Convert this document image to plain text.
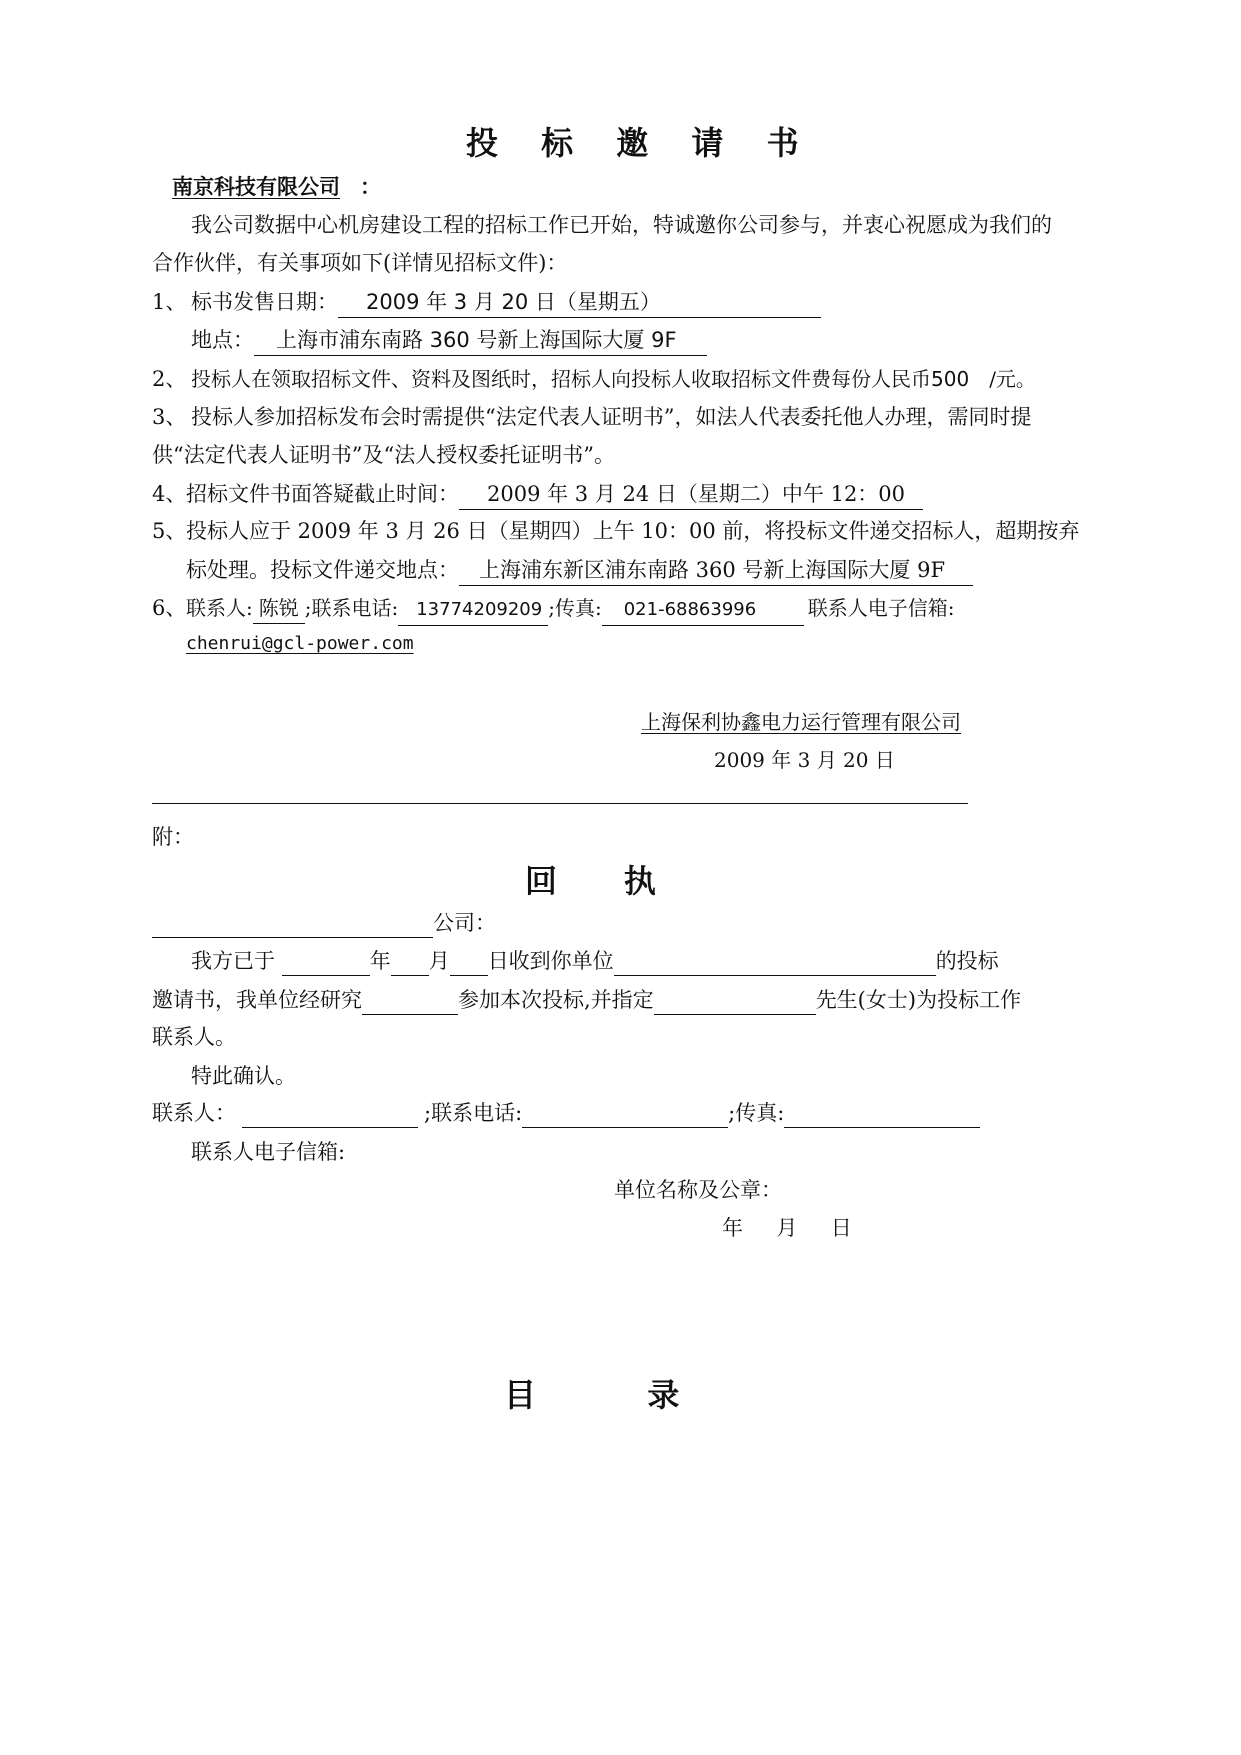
投 标 邀 请 书
南京科技有限公司 ：
我公司数据中心机房建设工程的招标工作已开始，特诚邀你公司参与，并衷心祝愿成为我们的
合作伙伴，有关事项如下(详情见招标文件)：
1、 标书发售日期： 2009 年 3 月 20 日（星期五）
地点： 上海市浦东南路 360 号新上海国际大厦 9F
2、 投标人在领取招标文件、资料及图纸时，招标人向投标人收取招标文件费每份人民币500 /元。
3、 投标人参加招标发布会时需提供“法定代表人证明书”，如法人代表委托他人办理，需同时提
供“法定代表人证明书”及“法人授权委托证明书”。
4、 招标文件书面答疑截止时间： 2009 年 3 月 24 日（星期二）中午 12：00
5、 投标人应于 2009 年 3 月 26 日（星期四）上午 10：00 前，将投标文件递交招标人，超期按弃
标处理。投标文件递交地点： 上海浦东新区浦东南路 360 号新上海国际大厦 9F
6、 联系人: 陈锐 ;联系电话: 13774209209 ;传真: 021-68863996	联系人电子信箱:
chenrui@gcl-power.com
上海保利协鑫电力运行管理有限公司
2009 年 3 月 20 日
附：
回      执
公司：
我方已于	年 月 日收到你单位	的投标
邀请书，我单位经研究	参加本次投标,并指定	先生(女士)为投标工作
联系人。
特此确认。
联系人：	;联系电话:	;传真:
联系人电子信箱:
单位名称及公章：
年     月     日
目          录
